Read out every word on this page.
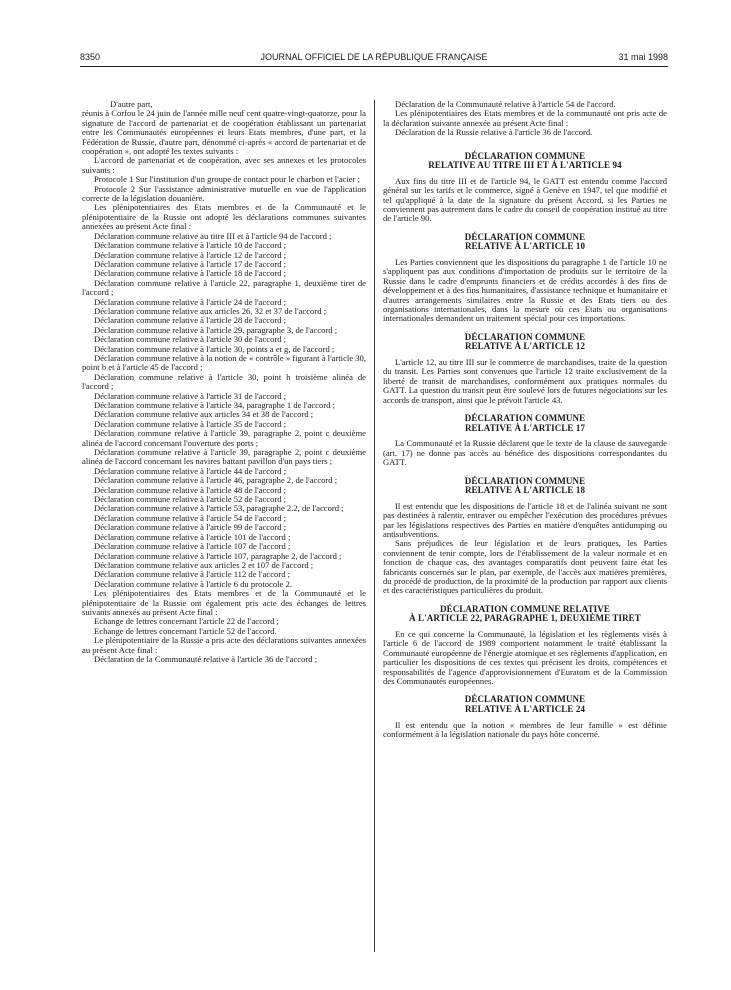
JOURNAL OFFICIEL DE LA RÉPUBLIQUE FRANÇAISE
8350	31 mai 1998

D'autre part,

réunis à Corfou le 24 juin de l'année mille neuf cent quatre-vingt-quatorze, pour la signature de l'accord de partenariat et de coopération établissant un partenariat entre les Communautés européennes et leurs Etats membres, d'une part, et la Fédération de Russie, d'autre part, dénommé ci-après « accord de partenariat et de coopération », ont adopté les textes suivants :

L'accord de partenariat et de coopération, avec ses annexes et les protocoles suivants :

Protocole 1 Sur l'institution d'un groupe de contact pour le charbon et l'acier ;

Protocole 2 Sur l'assistance administrative mutuelle en vue de l'application correcte de la législation douanière.

Les plénipotentiaires des Etats membres et de la Communauté et le plénipotentiaire de la Russie ont adopté les déclarations communes suivantes annexées au présent Acte final :

Déclaration commune relative au titre III et à l'article 94 de l'accord ;

Déclaration commune relative à l'article 10 de l'accord ;

Déclaration commune relative à l'article 12 de l'accord ;

Déclaration commune relative à l'article 17 de l'accord ;

Déclaration commune relative à l'article 18 de l'accord ;

Déclaration commune relative à l'article 22, paragraphe 1, deuxième tiret de l'accord ;

Déclaration commune relative à l'article 24 de l'accord ;

Déclaration commune relative aux articles 26, 32 et 37 de l'accord ;

Déclaration commune relative à l'article 28 de l'accord ;

Déclaration commune relative à l'article 29, paragraphe 3, de l'accord ;

Déclaration commune relative à l'article 30 de l'accord ;

Déclaration commune relative à l'article 30, points a et g, de l'accord ;

Déclaration commune relative à la notion de « contrôle » figurant à l'article 30, point b et à l'article 45 de l'accord ;

Déclaration commune relative à l'article 30, point h troisième alinéa de l'accord ;

Déclaration commune relative à l'article 31 de l'accord ;

Déclaration commune relative à l'article 34, paragraphe 1 de l'accord ;

Déclaration commune relative aux articles 34 et 38 de l'accord ;

Déclaration commune relative à l'article 35 de l'accord ;

Déclaration commune relative à l'article 39, paragraphe 2, point c deuxième alinéa de l'accord concernant l'ouverture des ports ;

Déclaration commune relative à l'article 39, paragraphe 2, point c deuxième alinéa de l'accord concernant les navires battant pavillon d'un pays tiers ;

Déclaration commune relative à l'article 44 de l'accord ;

Déclaration commune relative à l'article 46, paragraphe 2, de l'accord ;

Déclaration commune relative à l'article 48 de l'accord ;

Déclaration commune relative à l'article 52 de l'accord ;

Déclaration commune relative à l'article 53, paragraphe 2.2, de l'accord ;

Déclaration commune relative à l'article 54 de l'accord ;

Déclaration commune relative à l'article 99 de l'accord ;

Déclaration commune relative à l'article 101 de l'accord ;

Déclaration commune relative à l'article 107 de l'accord ;

Déclaration commune relative à l'article 107, paragraphe 2, de l'accord ;

Déclaration commune relative aux articles 2 et 107 de l'accord ;

Déclaration commune relative à l'article 112 de l'accord ;

Déclaration commune relative à l'article 6 du protocole 2.

Les plénipotentiaires des Etats membres et de la Communauté et le plénipotentiaire de la Russie ont également pris acte des échanges de lettres suivants annexés au présent Acte final :

Echange de lettres concernant l'article 22 de l'accord ;

Echange de lettres concernant l'article 52 de l'accord.

Le plénipotentiaire de la Russie a pris acte des déclarations suivantes annexées au présent Acte final :

Déclaration de la Communauté relative à l'article 36 de l'accord ;

Déclaration de la Communauté relative à l'article 54 de l'accord.

Les plénipotentiaires des Etats membres et de la communauté ont pris acte de la déclaration suivante annexée au présent Acte final :

Déclaration de la Russie relative à l'article 36 de l'accord.

DÉCLARATION COMMUNE
RELATIVE AU TITRE III ET À L'ARTICLE 94

Aux fins du titre III et de l'article 94, le GATT est entendu comme l'accord général sur les tarifs et le commerce, signé à Genève en 1947, tel que modifié et tel qu'appliqué à la date de la signature du présent Accord, si les Parties ne conviennent pas autrement dans le cadre du conseil de coopération institué au titre de l'article 90.

DÉCLARATION COMMUNE
RELATIVE À L'ARTICLE 10

Les Parties conviennent que les dispositions du paragraphe 1 de l'article 10 ne s'appliquent pas aux conditions d'importation de produits sur le territoire de la Russie dans le cadre d'emprunts financiers et de crédits accordés à des fins de développement et à des fins humanitaires, d'assistance technique et humanitaire et d'autres arrangements similaires entre la Russie et des Etats tiers ou des organisations internationales, dans la mesure où ces Etats ou organisations internationales demandent un traitement spécial pour ces importations.

DÉCLARATION COMMUNE
RELATIVE À L'ARTICLE 12

L'article 12, au titre III sur le commerce de marchandises, traite de la question du transit. Les Parties sont convenues que l'article 12 traite exclusivement de la liberté de transit de marchandises, conformément aux pratiques normales du GATT. La question du transit peut être soulevé lors de futures négociations sur les accords de transport, ainsi que le prévoit l'article 43.

DÉCLARATION COMMUNE
RELATIVE À L'ARTICLE 17

La Communauté et la Russie déclarent que le texte de la clause de sauvegarde (art. 17) ne donne pas accès au bénéfice des dispositions correspondantes du GATT.

DÉCLARATION COMMUNE
RELATIVE À L'ARTICLE 18

Il est entendu que les dispositions de l'article 18 et de l'alinéa suivant ne sont pas destinées à ralentir, entraver ou empêcher l'exécution des procédures prévues par les législations respectives des Parties en matière d'enquêtes antidumping ou antisubventions.

Sans préjudices de leur législation et de leurs pratiques, les Parties conviennent de tenir compte, lors de l'établissement de la valeur normale et en fonction de chaque cas, des avantages comparatifs dont peuvent faire état les fabricants concernés sur le plan, par exemple, de l'accès aux matières premières, du procédé de production, de la proximité de la production par rapport aux clients et des caractéristiques particulières du produit.

DÉCLARATION COMMUNE RELATIVE
À L'ARTICLE 22, PARAGRAPHE 1, DEUXIÈME TIRET

En ce qui concerne la Communauté, la législation et les règlements visés à l'article 6 de l'accord de 1989 comportent notamment le traité établissant la Communauté européenne de l'énergie atomique et ses règlements d'application, en particulier les dispositions de ces textes qui précisent les droits, compétences et responsabilités de l'agence d'approvisionnement d'Euratom et de la Commission des Communautés européennes.

DÉCLARATION COMMUNE
RELATIVE À L'ARTICLE 24

Il est entendu que la notion « membres de leur famille » est définie conformément à la législation nationale du pays hôte concerné.
